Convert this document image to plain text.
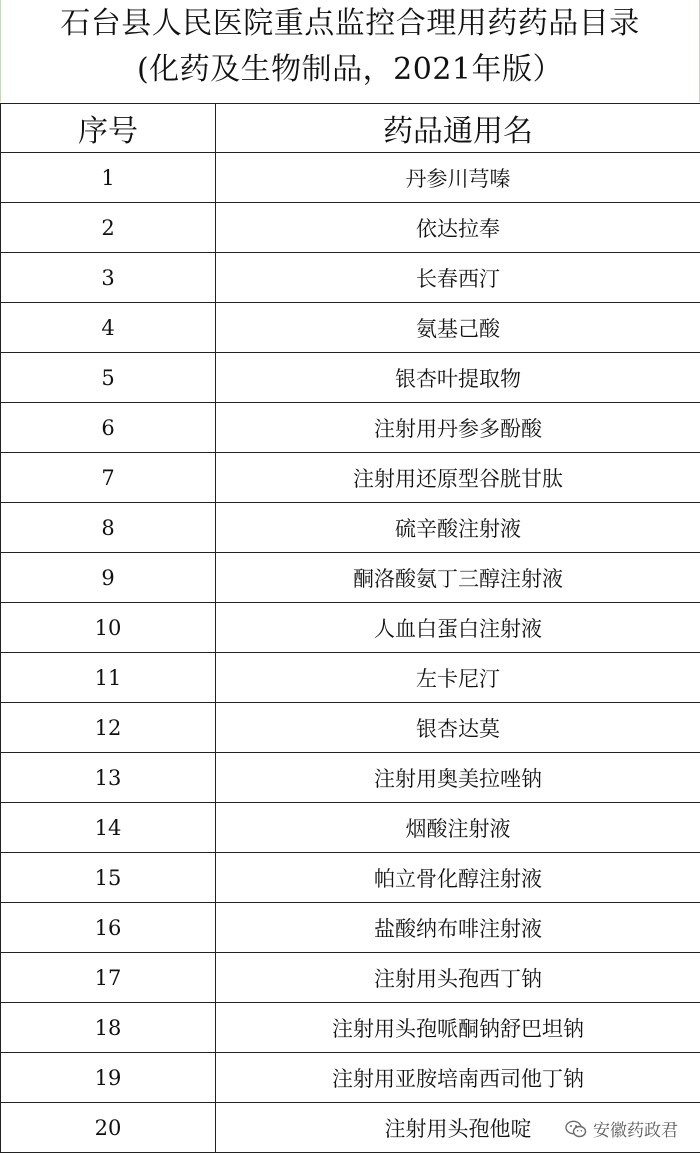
石台县人民医院重点监控合理用药药品目录
(化药及生物制品，2021年版）
序号	药品通用名
1	丹参川芎嗪
2	依达拉奉
3	长春西汀
4	氨基己酸
5	银杏叶提取物
6	注射用丹参多酚酸
7	注射用还原型谷胱甘肽
8	硫辛酸注射液
9	酮洛酸氨丁三醇注射液
10	人血白蛋白注射液
11	左卡尼汀
12	银杏达莫
13	注射用奥美拉唑钠
14	烟酸注射液
15	帕立骨化醇注射液
16	盐酸纳布啡注射液
17	注射用头孢西丁钠
18	注射用头孢哌酮钠舒巴坦钠
19	注射用亚胺培南西司他丁钠
20	注射用头孢他啶	安徽药政君
